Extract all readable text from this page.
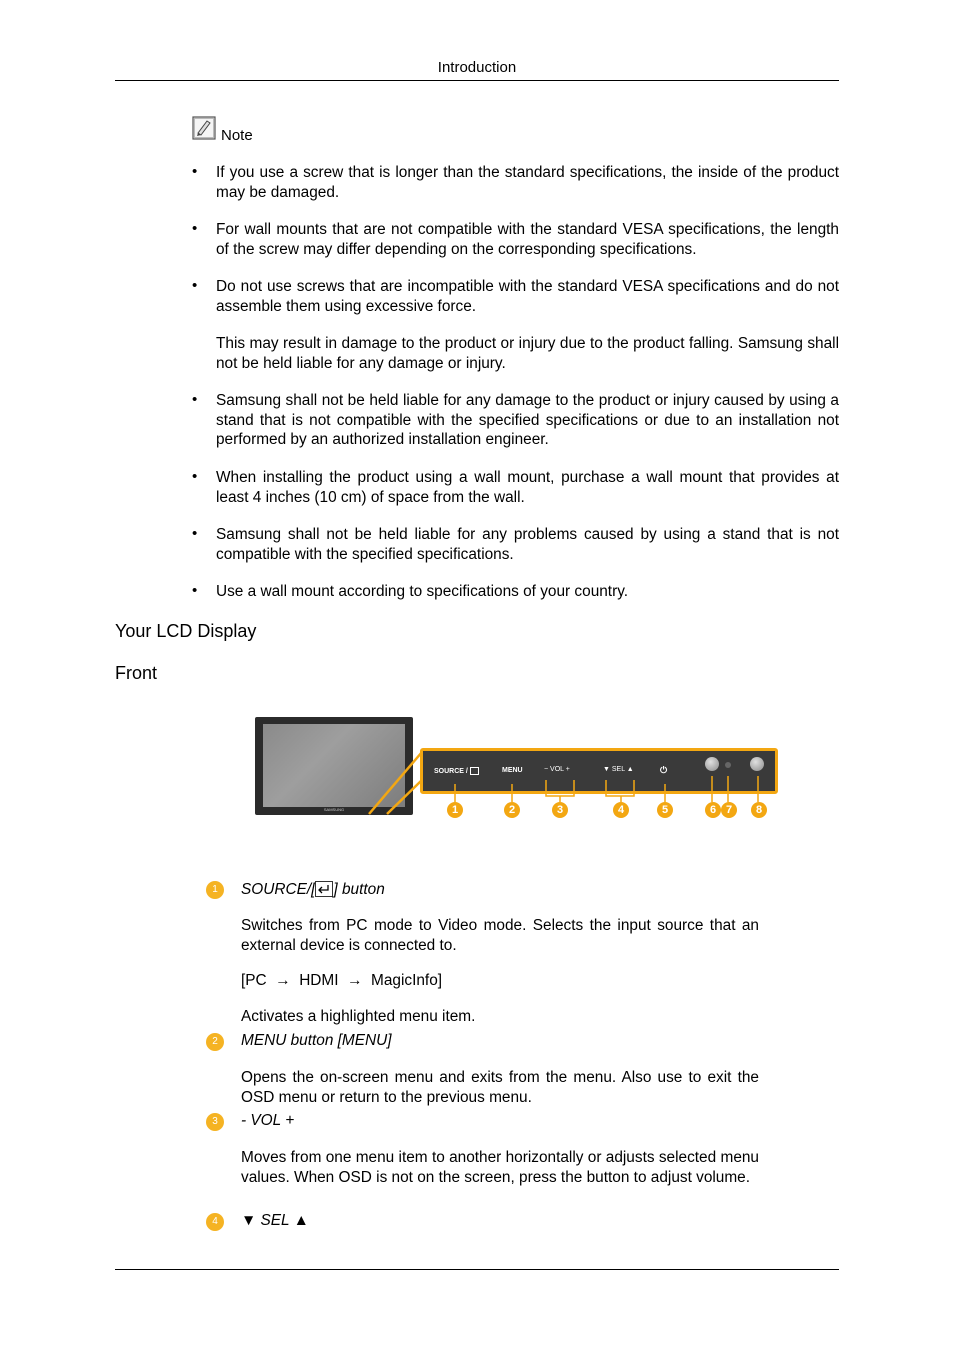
Introduction
Note
• If you use a screw that is longer than the standard specifications, the inside of the product may be damaged.
• For wall mounts that are not compatible with the standard VESA specifications, the length of the screw may differ depending on the corresponding specifications.
• Do not use screws that are incompatible with the standard VESA specifications and do not assemble them using excessive force.
This may result in damage to the product or injury due to the product falling. Samsung shall not be held liable for any damage or injury.
• Samsung shall not be held liable for any damage to the product or injury caused by using a stand that is not compatible with the specified specifications or due to an installation not performed by an authorized installation engineer.
• When installing the product using a wall mount, purchase a wall mount that provides at least 4 inches (10 cm) of space from the wall.
• Samsung shall not be held liable for any problems caused by using a stand that is not compatible with the specified specifications.
• Use a wall mount according to specifications of your country.
Your LCD Display
Front
SAMSUNG
SOURCE /	MENU	− VOL +	▼ SEL ▲	⏻
1	2	3	4	5	6 7	8
1	SOURCE/[ ] button
Switches from PC mode to Video mode. Selects the input source that an external device is connected to.
[PC → HDMI → MagicInfo]
Activates a highlighted menu item.
2	MENU button [MENU]
Opens the on-screen menu and exits from the menu. Also use to exit the OSD menu or return to the previous menu.
3	- VOL +
Moves from one menu item to another horizontally or adjusts selected menu values. When OSD is not on the screen, press the button to adjust volume.
4	▼ SEL ▲
